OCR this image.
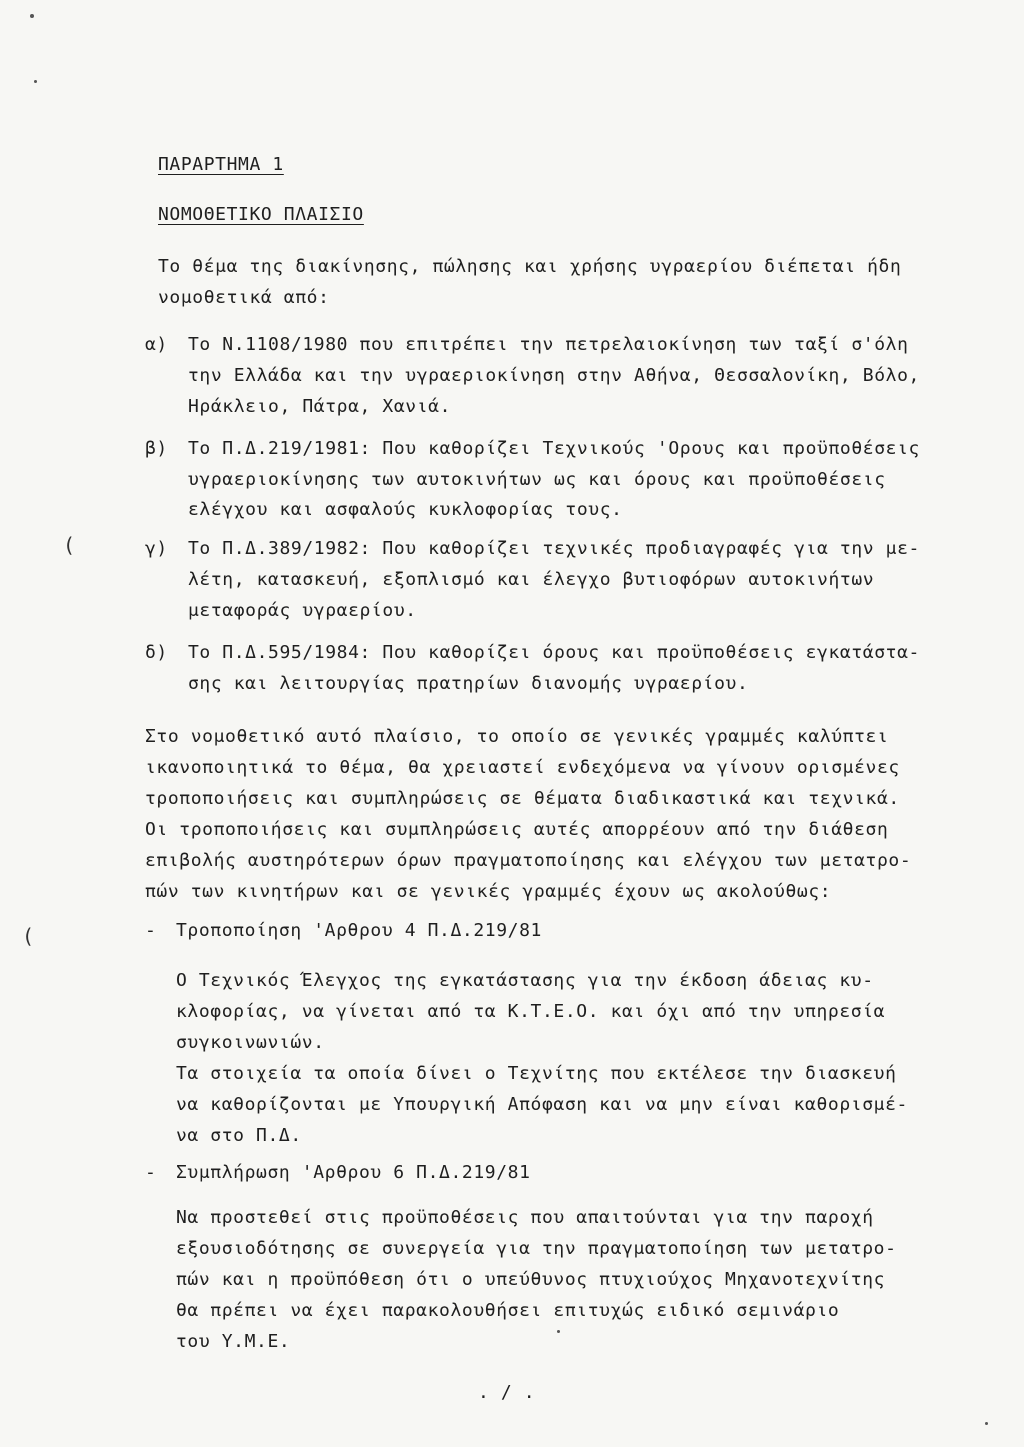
ΠΑΡΑΡΤΗΜΑ 1
ΝΟΜΟΘΕΤΙΚΟ ΠΛΑΙΣΙΟ
Το θέμα της διακίνησης, πώλησης και χρήσης υγραερίου διέπεται ήδη
νομοθετικά από:
α) Το Ν.1108/1980 που επιτρέπει την πετρελαιοκίνηση των ταξί σ'όλη
την Ελλάδα και την υγραεριοκίνηση στην Αθήνα, Θεσσαλονίκη, Βόλο,
Ηράκλειο, Πάτρα, Χανιά.
β) Το Π.Δ.219/1981: Που καθορίζει Τεχνικούς 'Ορους και προϋποθέσεις
υγραεριοκίνησης των αυτοκινήτων ως και όρους και προϋποθέσεις
ελέγχου και ασφαλούς κυκλοφορίας τους.
(	γ) Το Π.Δ.389/1982: Που καθορίζει τεχνικές προδιαγραφές για την με-
λέτη, κατασκευή, εξοπλισμό και έλεγχο βυτιοφόρων αυτοκινήτων
μεταφοράς υγραερίου.
δ) Το Π.Δ.595/1984: Που καθορίζει όρους και προϋποθέσεις εγκατάστα-
σης και λειτουργίας πρατηρίων διανομής υγραερίου.
Στο νομοθετικό αυτό πλαίσιο, το οποίο σε γενικές γραμμές καλύπτει
ικανοποιητικά το θέμα, θα χρειαστεί ενδεχόμενα να γίνουν ορισμένες
τροποποιήσεις και συμπληρώσεις σε θέματα διαδικαστικά και τεχνικά.
Οι τροποποιήσεις και συμπληρώσεις αυτές απορρέουν από την διάθεση
επιβολής αυστηρότερων όρων πραγματοποίησης και ελέγχου των μετατρο-
πών των κινητήρων και σε γενικές γραμμές έχουν ως ακολούθως:
(	- Τροποποίηση 'Αρθρου 4 Π.Δ.219/81
Ο Τεχνικός Έλεγχος της εγκατάστασης για την έκδοση άδειας κυ-
κλοφορίας, να γίνεται από τα Κ.Τ.Ε.Ο. και όχι από την υπηρεσία
συγκοινωνιών.
Τα στοιχεία τα οποία δίνει ο Τεχνίτης που εκτέλεσε την διασκευή
να καθορίζονται με Υπουργική Απόφαση και να μην είναι καθορισμέ-
να στο Π.Δ.
- Συμπλήρωση 'Αρθρου 6 Π.Δ.219/81
Να προστεθεί στις προϋποθέσεις που απαιτούνται για την παροχή
εξουσιοδότησης σε συνεργεία για την πραγματοποίηση των μετατρο-
πών και η προϋπόθεση ότι ο υπεύθυνος πτυχιούχος Μηχανοτεχνίτης
θα πρέπει να έχει παρακολουθήσει επιτυχώς ειδικό σεμινάριο
του Υ.Μ.Ε.
. / .
